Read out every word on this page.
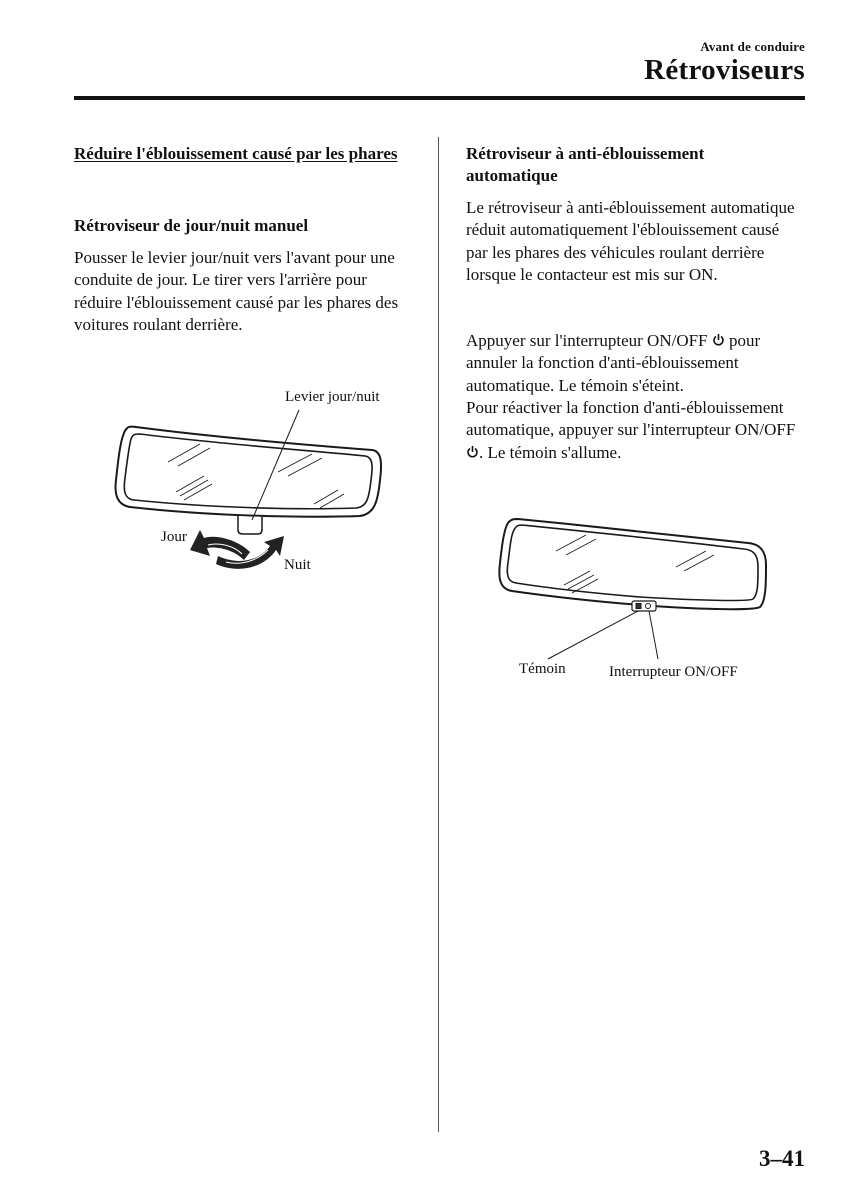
Avant de conduire
Rétroviseurs
Réduire l'éblouissement causé par les phares
Rétroviseur de jour/nuit manuel
Pousser le levier jour/nuit vers l'avant pour une conduite de jour. Le tirer vers l'arrière pour réduire l'éblouissement causé par les phares des voitures roulant derrière.
Levier jour/nuit
Jour
Nuit
Rétroviseur à anti-éblouissement automatique
Le rétroviseur à anti-éblouissement automatique réduit automatiquement l'éblouissement causé par les phares des véhicules roulant derrière lorsque le contacteur est mis sur ON.
Appuyer sur l'interrupteur ON/OFF  pour annuler la fonction d'anti-éblouissement automatique. Le témoin s'éteint.
Pour réactiver la fonction d'anti-éblouissement automatique, appuyer sur l'interrupteur ON/OFF . Le témoin s'allume.
Témoin	Interrupteur ON/OFF
3–41
